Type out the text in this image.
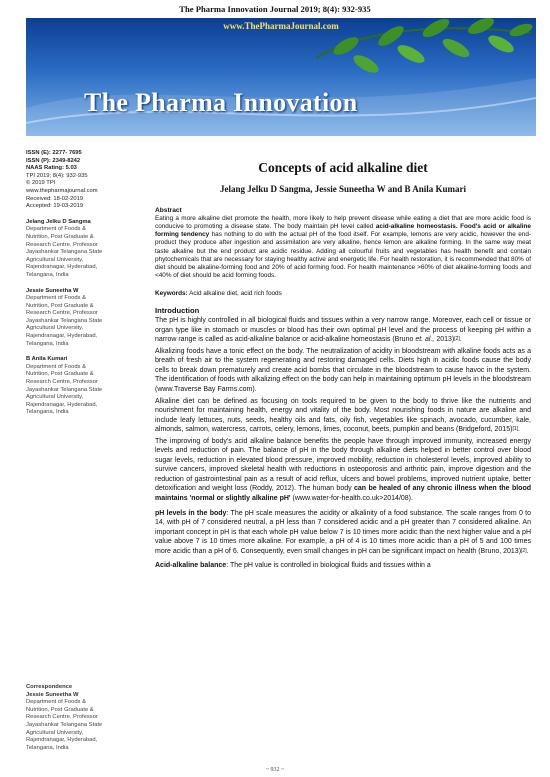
The Pharma Innovation Journal 2019; 8(4): 932-935
www.ThePharmaJournal.com
The Pharma Innovation
ISSN (E): 2277- 7695
ISSN (P): 2349-8242
NAAS Rating: 5.03
TPI 2019; 8(4): 932-935
© 2019 TPI
www.thepharmajournal.com
Received: 18-02-2019
Accepted: 19-03-2019
Jelang Jelku D Sangma
Department of Foods &
Nutrition, Post Graduate &
Research Centre, Professor
Jayashankar Telangana State
Agricultural University,
Rajendranagar, Hyderabad,
Telangana, India
Jessie Suneetha W
Department of Foods &
Nutrition, Post Graduate &
Research Centre, Professor
Jayashankar Telangana State
Agricultural University,
Rajendranagar, Hyderabad,
Telangana, India
B Anila Kumari
Department of Foods &
Nutrition, Post Graduate &
Research Centre, Professor
Jayashankar Telangana State
Agricultural University,
Rajendranagar, Hyderabad,
Telangana, India
Correspondence
Jessie Suneetha W
Department of Foods &
Nutrition, Post Graduate &
Research Centre, Professor
Jayashankar Telangana State
Agricultural University,
Rajendranagar, Hyderabad,
Telangana, India
Concepts of acid alkaline diet
Jelang Jelku D Sangma, Jessie Suneetha W and B Anila Kumari
Abstract

Eating a more alkaline diet promote the health, more likely to help prevent disease while eating a diet that are more acidic food is conducive to promoting a disease state. The body maintain pH level called acid-alkaline homeostasis. Food's acid or alkaline forming tendency has nothing to do with the actual pH of the food itself. For example, lemons are very acidic, however the end-product they produce after ingestion and assimilation are very alkaline, hence lemon are alkaline forming. In the same way meat taste alkaline but the end product are acidic residue. Adding all colourful fruits and vegetables has health benefit and contain phytochemicals that are necessary for staying healthy active and energetic life. For health restoration, it is recommended that 80% of diet should be alkaline-forming food and 20% of acid forming food. For health maintenance >60% of diet alkaline-forming foods and <40% of diet should be acid forming foods.

Keywords: Acid alkaline diet, acid rich foods
Introduction

The pH is highly controlled in all biological fluids and tissues within a very narrow range. Moreover, each cell or tissue or organ type like in stomach or muscles or blood has their own optimal pH level and the process of keeping pH within a narrow range is called as acid-alkaline balance or acid-alkaline homeostasis (Bruno et. al., 2013)[2].

Alkalizing foods have a tonic effect on the body. The neutralization of acidity in bloodstream with alkaline foods acts as a breath of fresh air to the system regenerating and restoring damaged cells. Diets high in acidic foods cause the body cells to break down prematurely and create acid bombs that circulate in the bloodstream to cause havoc in the system. The identification of foods with alkalizing effect on the body can help in maintaining optimum pH levels in the bloodstream (www.Traverse Bay Farms.com).

Alkaline diet can be defined as focusing on tools required to be given to the body to thrive like the nutrients and nourishment for maintaining health, energy and vitality of the body. Most nourishing foods in nature are alkaline and include leafy lettuces, nuts, seeds, healthy oils and fats, oily fish, vegetables like spinach, avocado, cucumber, kale, almonds, salmon, watercress, carrots, celery, lemons, limes, coconut, beets, pumpkin and beans (Bridgeford, 2015)[1].

The improving of body's acid alkaline balance benefits the people have through improved immunity, increased energy levels and reduction of pain. The balance of pH in the body through alkaline diets helped in better control over blood sugar levels, reduction in elevated blood pressure, improved mobility, reduction in cholesterol levels, improved ability to survive cancers, improved skeletal health with reductions in osteoporosis and arthritic pain, improve digestion and the reduction of gastrointestinal pain as a result of acid reflux, ulcers and bowel problems, improved nutrient uptake, better detoxification and weight loss (Roddy, 2012). The human body can be healed of any chronic illness when the blood maintains 'normal or slightly alkaline pH' (www.water-for-health.co.uk>2014/08).

pH levels in the body: The pH scale measures the acidity or alkalinity of a food substance. The scale ranges from 0 to 14, with pH of 7 considered neutral, a pH less than 7 considered acidic and a pH greater than 7 considered alkaline. An important concept in pH is that each whole pH value below 7 is 10 times more acidic than the next higher value and a pH value above 7 is 10 times more alkaline. For example, a pH of 4 is 10 times more acidic than a pH of 5 and 100 times more acidic than a pH of 6. Consequently, even small changes in pH can be significant impact on health (Bruno, 2013)[2].

Acid-alkaline balance: The pH value is controlled in biological fluids and tissues within a

~ 932 ~
